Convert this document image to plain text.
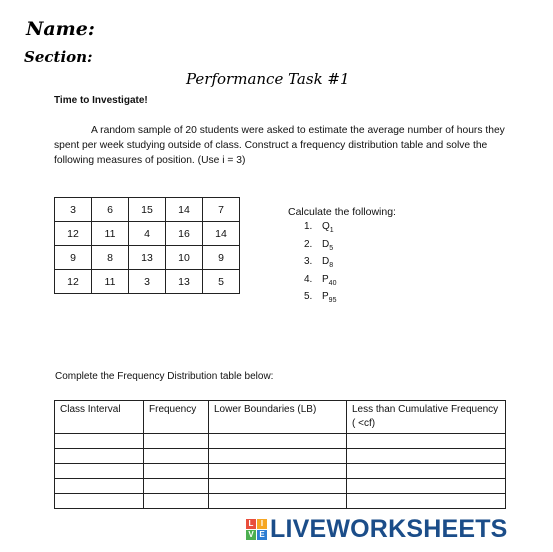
Name:
Section:
Performance Task #1
Time to Investigate!

A random sample of 20 students were asked to estimate the average number of hours they spent per week studying outside of class. Construct a frequency distribution table and solve the following measures of position. (Use i = 3)

3	6	15	14	7
12	11	4	16	14
9	8	13	10	9
12	11	3	13	5
Calculate the following:
1. $Q_1$
2. $D_5$
3. $D_8$
4. $P_{40}$
5. $P_{95}$
Complete the Frequency Distribution table below:
Class Interval	Frequency	Lower Boundaries (LB)	Less than Cumulative Frequency ( <cf)

L I
V E LIVEWORKSHEETS
